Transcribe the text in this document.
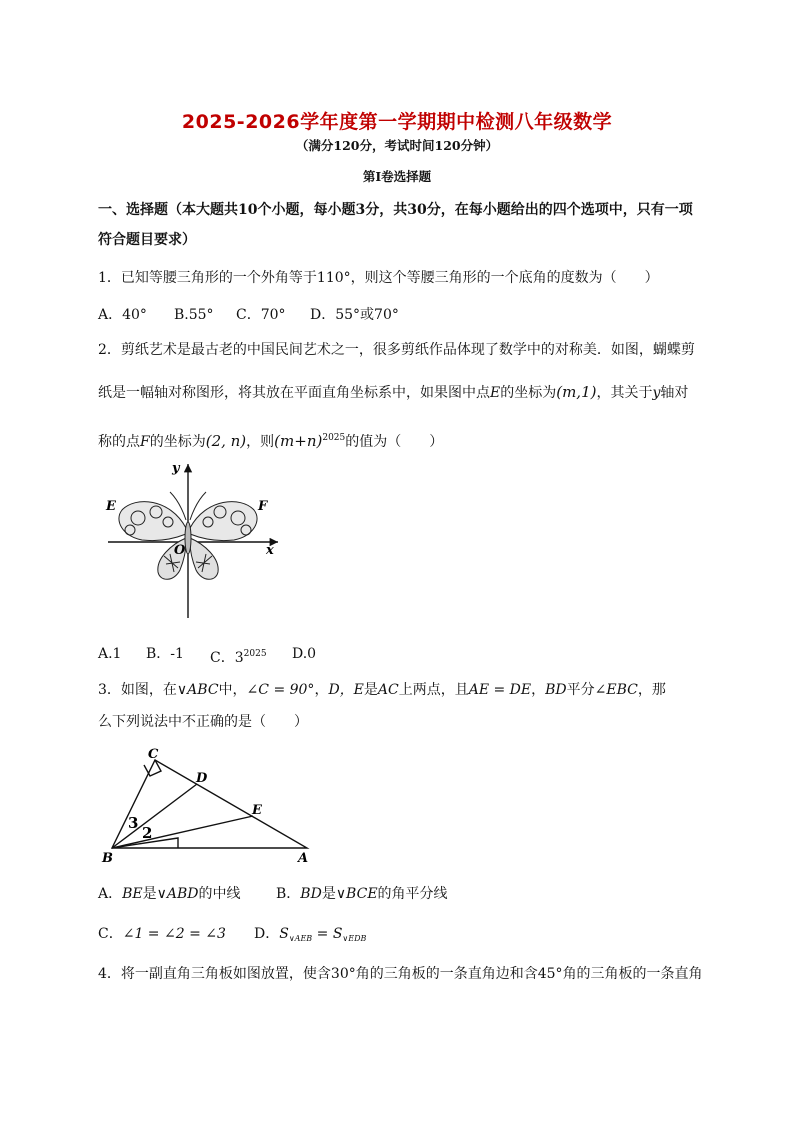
2025-2026学年度第一学期期中检测八年级数学
（满分120分，考试时间120分钟）
第I卷选择题
一、选择题（本大题共10个小题，每小题3分，共30分，在每小题给出的四个选项中，只有一项
符合题目要求）
1．已知等腰三角形的一个外角等于110°，则这个等腰三角形的一个底角的度数为（　　）
A．40° B.55° C．70° D．55°或70°
2．剪纸艺术是最古老的中国民间艺术之一，很多剪纸作品体现了数学中的对称美．如图，蝴蝶剪
纸是一幅轴对称图形，将其放在平面直角坐标系中，如果图中点E的坐标为(m,1)，其关于y轴对
称的点F的坐标为(2, n)，则$(m+n)^{2025}$的值为（　　）
x
y
E	F
O
A.1 B．-1 C．$3^{2025}$ D.0
3．如图，在∨ABC中，∠C = 90°，D，E是AC上两点，且AE = DE，BD平分∠EBC，那
么下列说法中不正确的是（　　）
C
D
E
B	A
3
2
A．BE是∨ABD的中线	B．BD是∨BCE的角平分线
C．∠1 = ∠2 = ∠3 D．$S_{\vee AEB} = S_{\vee EDB}$
4．将一副直角三角板如图放置，使含30°角的三角板的一条直角边和含45°角的三角板的一条直角
